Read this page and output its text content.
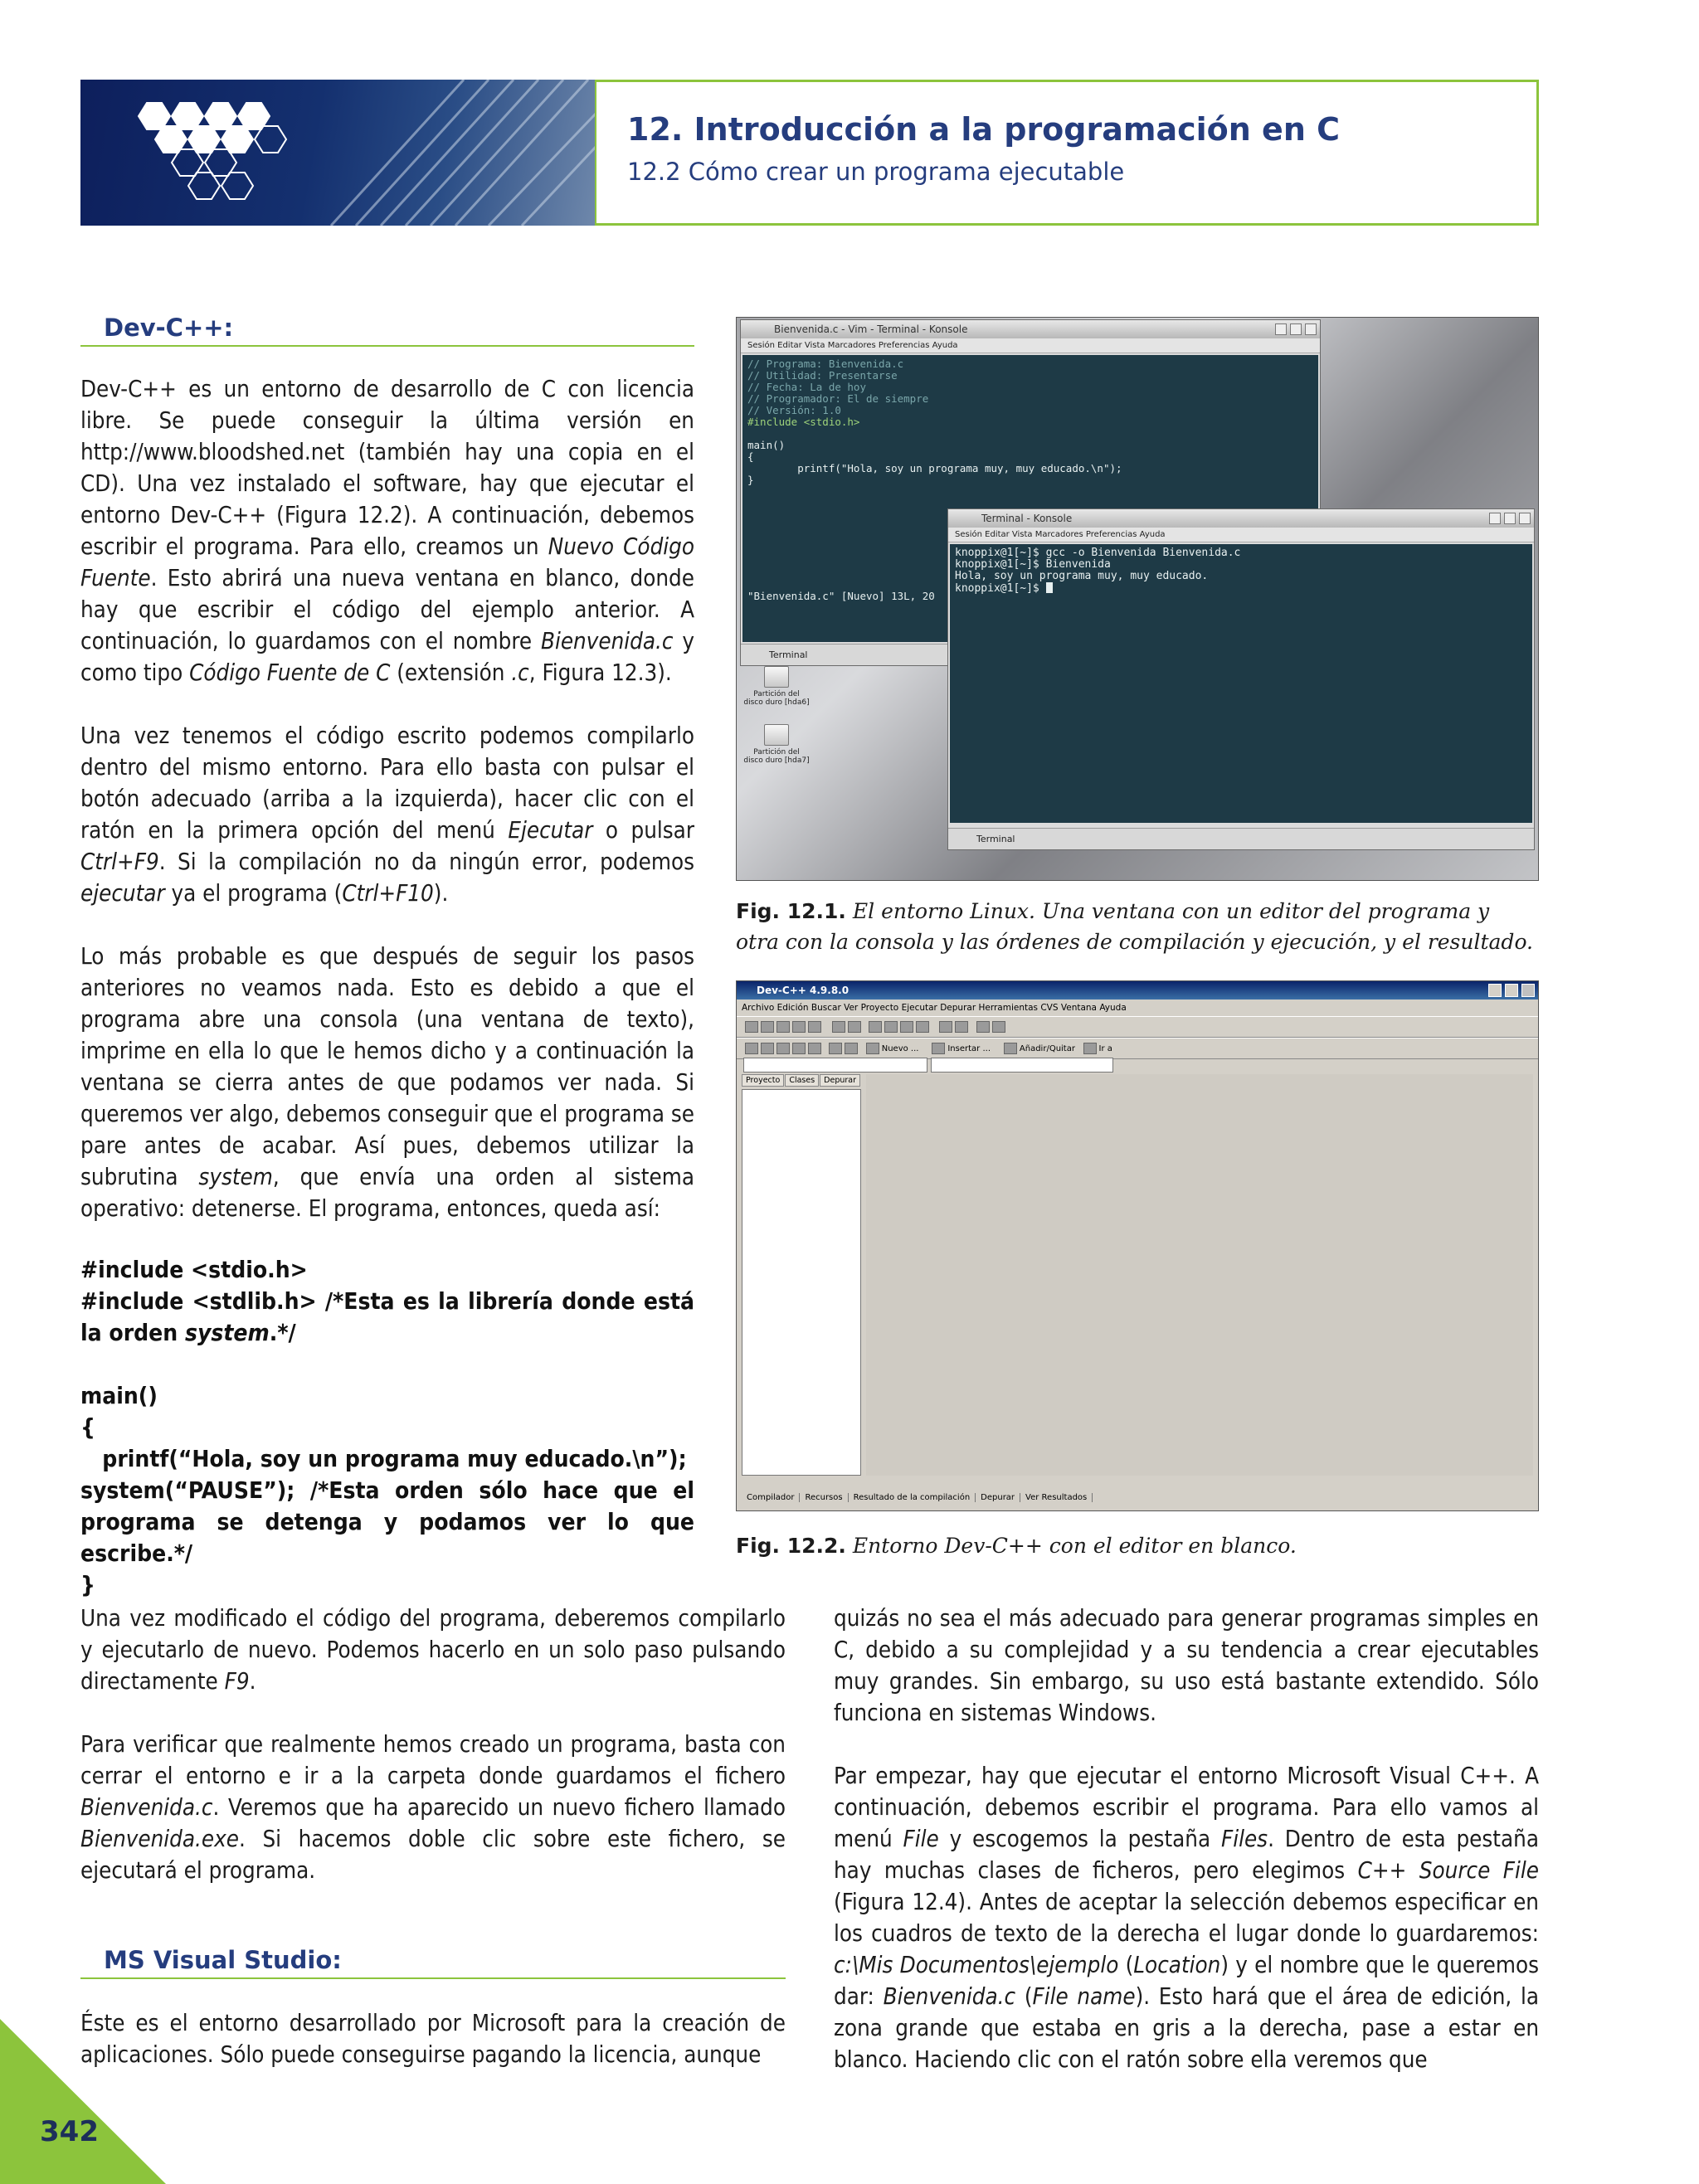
12. Introducción a la programación en C
12.2 Cómo crear un programa ejecutable
Dev-C++:

Dev-C++ es un entorno de desarrollo de C con licencia libre. Se puede conseguir la última versión en http://www.bloodshed.net (también hay una copia en el CD). Una vez instalado el software, hay que ejecutar el entorno Dev-C++ (Figura 12.2). A continuación, debemos escribir el programa. Para ello, creamos un Nuevo Código Fuente. Esto abrirá una nueva ventana en blanco, donde hay que escribir el código del ejemplo anterior. A continuación, lo guardamos con el nombre Bienvenida.c y como tipo Código Fuente de C (extensión .c, Figura 12.3).

Una vez tenemos el código escrito podemos compilarlo dentro del mismo entorno. Para ello basta con pulsar el botón adecuado (arriba a la izquierda), hacer clic con el ratón en la primera opción del menú Ejecutar o pulsar Ctrl+F9. Si la compilación no da ningún error, podemos ejecutar ya el programa (Ctrl+F10).

Lo más probable es que después de seguir los pasos anteriores no veamos nada. Esto es debido a que el programa abre una consola (una ventana de texto), imprime en ella lo que le hemos dicho y a continuación la ventana se cierra antes de que podamos ver nada. Si queremos ver algo, debemos conseguir que el programa se pare antes de acabar. Así pues, debemos utilizar la subrutina system, que envía una orden al sistema operativo: detenerse. El programa, entonces, queda así:

#include <stdio.h>
#include <stdlib.h> /*Esta es la librería donde está la orden system.*/

main()
{
printf(“Hola, soy un programa muy educado.\n”);
system(“PAUSE”); /*Esta orden sólo hace que el programa se detenga y podamos ver lo que escribe.*/
}
Bienvenida.c - Vim - Terminal - Konsole
Sesión Editar Vista Marcadores Preferencias Ayuda
// Programa: Bienvenida.c
// Utilidad: Presentarse
// Fecha: La de hoy
// Programador: El de siempre
// Versión: 1.0
#include <stdio.h>

main()
{
printf("Hola, soy un programa muy, muy educado.\n");
}

"Bienvenida.c" [Nuevo] 13L, 20
Terminal
Partición del disco duro [hda6]
Partición del disco duro [hda7]
Terminal - Konsole
Sesión Editar Vista Marcadores Preferencias Ayuda
knoppix@1[~]$ gcc -o Bienvenida Bienvenida.c
knoppix@1[~]$ Bienvenida
Hola, soy un programa muy, muy educado.
knoppix@1[~]$
Terminal
Fig. 12.1. El entorno Linux. Una ventana con un editor del programa y otra con la consola y las órdenes de compilación y ejecución, y el resultado.
Dev-C++ 4.9.8.0
Archivo Edición Buscar Ver Proyecto Ejecutar Depurar Herramientas CVS Ventana Ayuda

Nuevo ...	Insertar ...	Añadir/Quitar	Ir a
Proyecto Clases Depurar
Compilador Recursos Resultado de la compilación Depurar Ver Resultados
Fig. 12.2. Entorno Dev-C++ con el editor en blanco.

Una vez modificado el código del programa, deberemos compilarlo y ejecutarlo de nuevo. Podemos hacerlo en un solo paso pulsando directamente F9.

Para verificar que realmente hemos creado un programa, basta con cerrar el entorno e ir a la carpeta donde guardamos el fichero Bienvenida.c. Veremos que ha aparecido un nuevo fichero llamado Bienvenida.exe. Si hacemos doble clic sobre este fichero, se ejecutará el programa.

MS Visual Studio:

Éste es el entorno desarrollado por Microsoft para la creación de aplicaciones. Sólo puede conseguirse pagando la licencia, aunque

quizás no sea el más adecuado para generar programas simples en C, debido a su complejidad y a su tendencia a crear ejecutables muy grandes. Sin embargo, su uso está bastante extendido. Sólo funciona en sistemas Windows.

Par empezar, hay que ejecutar el entorno Microsoft Visual C++. A continuación, debemos escribir el programa. Para ello vamos al menú File y escogemos la pestaña Files. Dentro de esta pestaña hay muchas clases de ficheros, pero elegimos C++ Source File (Figura 12.4). Antes de aceptar la selección debemos especificar en los cuadros de texto de la derecha el lugar donde lo guardaremos: c:\Mis Documentos\ejemplo (Location) y el nombre que le queremos dar: Bienvenida.c (File name). Esto hará que el área de edición, la zona grande que estaba en gris a la derecha, pase a estar en blanco. Haciendo clic con el ratón sobre ella veremos que

342
